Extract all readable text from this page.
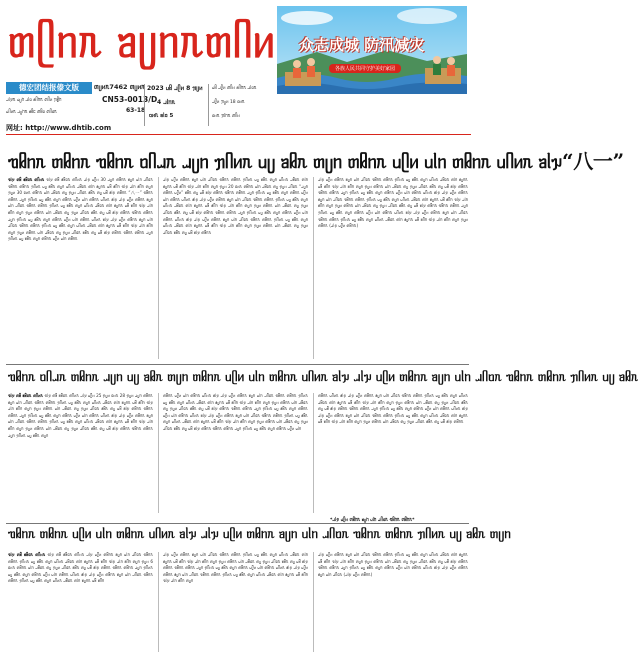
ᥖᥫᥒᥰ ᥑᥩᥒᥰᥖᥥᥢ 众志成城 防汛减灾
各族人民共同守护美好家园
德宏团结报傣文版	ᥖᥩᥢᥰ7462 ᥖᥩᥢᥰ
CN53-0013/D
63-18
ᥘᥣᥭᥰ ᥙᥩᥒ ᥘᥣᥝ ᥑᥥᥒᥰ ᥖᥥᥢ ᥟᥪᥒ
ᥙᥥᥢᥰ ᥘᥩᥒᥰ ᥑᥤᥴ ᥖᥤᥝ ᥖᥥᥝᥰ
网址: http://www.dhtib.com
2023 ᥙᥤ ᥘᥫᥢ 8 ᥟᥩᥢ
4 ᥘᥣᥒᥰ
ᥝᥢᥰ ᥑᥣᥝ 5
ᥙᥤ ᥘᥫᥢ ᥖᥥᥢ ᥑᥥᥒᥰ ᥘᥣᥝᥰ
ᥘᥫᥢ ᥟᥩᥢ 18 ᥝᥢᥰ
ᥝᥢᥰ ᥟᥣᥒᥰ ᥖᥥᥢ
ᥓᥤᥒᥰ ᥖᥤᥒᥰ ᥓᥤᥒᥰ ᥝᥥᥘᥰ ᥘᥩᥒ ᥟᥥᥢᥰ ᥙᥩ ᥑᥤᥰ ᥖᥩᥒ ᥖᥤᥒᥰ ᥙᥫᥢ ᥙᥣᥒ ᥖᥤᥒᥰ ᥙᥥᥢᥰ ᥑᥣᥭ“八一”
ᥓᥣᥭ ᥖᥤ ᥑᥤᥝᥰ ᥖᥥᥢᥰ ᥓᥣᥭ ᥖᥤ ᥑᥤᥝᥰ ᥖᥥᥢᥰ ᥘᥣᥭ ᥙᥫᥢ 30 ᥘᥩᥒ ᥖᥤᥒᥰ ᥑᥩᥒ ᥙᥣᥒ ᥘᥥᥝᥰ ᥓᥤᥒᥰ ᥖᥤᥒᥰ ᥟᥥᥢᥰ ᥙᥩ ᥑᥤᥰ ᥖᥩᥒ ᥙᥥᥢᥰ ᥘᥤᥝᥰ ᥖᥣᥒ ᥑᥩᥒᥰ ᥙᥤ ᥑᥥᥒ ᥓᥣᥭ ᥘᥣᥒ ᥑᥥᥒ ᥖᥩᥒ ᥟᥩᥢ 30 ᥝᥢᥰ ᥖᥤᥒᥰ ᥙᥣᥒ ᥘᥤᥝᥰ ᥖᥩ ᥟᥩᥢ ᥘᥥᥝᥰ ᥑᥤᥰ ᥖᥩ ᥙᥤ ᥑᥣᥭ ᥖᥤᥒᥰ “八一” ᥓᥤᥒᥰ ᥖᥤᥒᥰ ᥘᥩᥒ ᥟᥥᥢᥰ ᥙᥩ ᥑᥤᥰ ᥖᥩᥒ ᥖᥤᥒᥰ ᥙᥫᥢ ᥙᥣᥒ ᥖᥤᥒᥰ ᥙᥥᥢᥰ ᥑᥣᥭ ᥘᥣᥭ ᥙᥫᥢ ᥖᥤᥒᥰ ᥑᥩᥒ ᥙᥣᥒ ᥘᥥᥝᥰ ᥓᥤᥒᥰ ᥖᥤᥒᥰ ᥟᥥᥢᥰ ᥙᥩ ᥑᥤᥰ ᥖᥩᥒ ᥙᥥᥢᥰ ᥘᥤᥝᥰ ᥖᥣᥒ ᥑᥩᥒᥰ ᥙᥤ ᥑᥥᥒ ᥓᥣᥭ ᥘᥣᥒ ᥑᥥᥒ ᥖᥩᥒ ᥟᥩᥢ ᥖᥤᥒᥰ ᥙᥣᥒ ᥘᥤᥝᥰ ᥖᥩ ᥟᥩᥢ ᥘᥥᥝᥰ ᥑᥤᥰ ᥖᥩ ᥙᥤ ᥑᥣᥭ ᥖᥤᥒᥰ ᥓᥤᥒᥰ ᥖᥤᥒᥰ ᥘᥩᥒ ᥟᥥᥢᥰ ᥙᥩ ᥑᥤᥰ ᥖᥩᥒ ᥖᥤᥒᥰ ᥙᥫᥢ ᥙᥣᥒ ᥖᥤᥒᥰ ᥙᥥᥢᥰ ᥑᥣᥭ ᥘᥣᥭ ᥙᥫᥢ ᥖᥤᥒᥰ ᥑᥩᥒ ᥙᥣᥒ ᥘᥥᥝᥰ ᥓᥤᥒᥰ ᥖᥤᥒᥰ ᥟᥥᥢᥰ ᥙᥩ ᥑᥤᥰ ᥖᥩᥒ ᥙᥥᥢᥰ ᥘᥤᥝᥰ ᥖᥣᥒ ᥑᥩᥒᥰ ᥙᥤ ᥑᥥᥒ ᥓᥣᥭ ᥘᥣᥒ ᥑᥥᥒ ᥖᥩᥒ ᥟᥩᥢ ᥖᥤᥒᥰ ᥙᥣᥒ ᥘᥤᥝᥰ ᥖᥩ ᥟᥩᥢ ᥘᥥᥝᥰ ᥑᥤᥰ ᥖᥩ ᥙᥤ ᥑᥣᥭ ᥖᥤᥒᥰ ᥓᥤᥒᥰ ᥖᥤᥒᥰ ᥘᥩᥒ ᥟᥥᥢᥰ ᥙᥩ ᥑᥤᥰ ᥖᥩᥒ ᥖᥤᥒᥰ ᥙᥫᥢ ᥙᥣᥒ ᥖᥤᥒᥰ
ᥘᥣᥭ ᥙᥫᥢ ᥖᥤᥒᥰ ᥑᥩᥒ ᥙᥣᥒ ᥘᥥᥝᥰ ᥓᥤᥒᥰ ᥖᥤᥒᥰ ᥟᥥᥢᥰ ᥙᥩ ᥑᥤᥰ ᥖᥩᥒ ᥙᥥᥢᥰ ᥘᥤᥝᥰ ᥖᥣᥒ ᥑᥩᥒᥰ ᥙᥤ ᥑᥥᥒ ᥓᥣᥭ ᥘᥣᥒ ᥑᥥᥒ ᥖᥩᥒ ᥟᥩᥢ 20 ᥝᥢᥰ ᥖᥤᥒᥰ ᥙᥣᥒ ᥘᥤᥝᥰ ᥖᥩ ᥟᥩᥢ ᥘᥥᥝᥰ “ᥘᥩᥒ ᥖᥤᥒᥰ ᥙᥫᥢ” ᥑᥤᥰ ᥖᥩ ᥙᥤ ᥑᥣᥭ ᥖᥤᥒᥰ ᥓᥤᥒᥰ ᥖᥤᥒᥰ ᥘᥩᥒ ᥟᥥᥢᥰ ᥙᥩ ᥑᥤᥰ ᥖᥩᥒ ᥖᥤᥒᥰ ᥙᥫᥢ ᥙᥣᥒ ᥖᥤᥒᥰ ᥙᥥᥢᥰ ᥑᥣᥭ ᥘᥣᥭ ᥙᥫᥢ ᥖᥤᥒᥰ ᥑᥩᥒ ᥙᥣᥒ ᥘᥥᥝᥰ ᥓᥤᥒᥰ ᥖᥤᥒᥰ ᥟᥥᥢᥰ ᥙᥩ ᥑᥤᥰ ᥖᥩᥒ ᥙᥥᥢᥰ ᥘᥤᥝᥰ ᥖᥣᥒ ᥑᥩᥒᥰ ᥙᥤ ᥑᥥᥒ ᥓᥣᥭ ᥘᥣᥒ ᥑᥥᥒ ᥖᥩᥒ ᥟᥩᥢ ᥖᥤᥒᥰ ᥙᥣᥒ ᥘᥤᥝᥰ ᥖᥩ ᥟᥩᥢ ᥘᥥᥝᥰ ᥑᥤᥰ ᥖᥩ ᥙᥤ ᥑᥣᥭ ᥖᥤᥒᥰ ᥓᥤᥒᥰ ᥖᥤᥒᥰ ᥘᥩᥒ ᥟᥥᥢᥰ ᥙᥩ ᥑᥤᥰ ᥖᥩᥒ ᥖᥤᥒᥰ ᥙᥫᥢ ᥙᥣᥒ ᥖᥤᥒᥰ ᥙᥥᥢᥰ ᥑᥣᥭ ᥘᥣᥭ ᥙᥫᥢ ᥖᥤᥒᥰ ᥑᥩᥒ ᥙᥣᥒ ᥘᥥᥝᥰ ᥓᥤᥒᥰ ᥖᥤᥒᥰ ᥟᥥᥢᥰ ᥙᥩ ᥑᥤᥰ ᥖᥩᥒ ᥙᥥᥢᥰ ᥘᥤᥝᥰ ᥖᥣᥒ ᥑᥩᥒᥰ ᥙᥤ ᥑᥥᥒ ᥓᥣᥭ ᥘᥣᥒ ᥑᥥᥒ ᥖᥩᥒ ᥟᥩᥢ ᥖᥤᥒᥰ ᥙᥣᥒ ᥘᥤᥝᥰ ᥖᥩ ᥟᥩᥢ ᥘᥥᥝᥰ ᥑᥤᥰ ᥖᥩ ᥙᥤ ᥑᥣᥭ ᥖᥤᥒᥰ
ᥘᥣᥭ ᥙᥫᥢ ᥖᥤᥒᥰ ᥑᥩᥒ ᥙᥣᥒ ᥘᥥᥝᥰ ᥓᥤᥒᥰ ᥖᥤᥒᥰ ᥟᥥᥢᥰ ᥙᥩ ᥑᥤᥰ ᥖᥩᥒ ᥙᥥᥢᥰ ᥘᥤᥝᥰ ᥖᥣᥒ ᥑᥩᥒᥰ ᥙᥤ ᥑᥥᥒ ᥓᥣᥭ ᥘᥣᥒ ᥑᥥᥒ ᥖᥩᥒ ᥟᥩᥢ ᥖᥤᥒᥰ ᥙᥣᥒ ᥘᥤᥝᥰ ᥖᥩ ᥟᥩᥢ ᥘᥥᥝᥰ ᥑᥤᥰ ᥖᥩ ᥙᥤ ᥑᥣᥭ ᥖᥤᥒᥰ ᥓᥤᥒᥰ ᥖᥤᥒᥰ ᥘᥩᥒ ᥟᥥᥢᥰ ᥙᥩ ᥑᥤᥰ ᥖᥩᥒ ᥖᥤᥒᥰ ᥙᥫᥢ ᥙᥣᥒ ᥖᥤᥒᥰ ᥙᥥᥢᥰ ᥑᥣᥭ ᥘᥣᥭ ᥙᥫᥢ ᥖᥤᥒᥰ ᥑᥩᥒ ᥙᥣᥒ ᥘᥥᥝᥰ ᥓᥤᥒᥰ ᥖᥤᥒᥰ ᥟᥥᥢᥰ ᥙᥩ ᥑᥤᥰ ᥖᥩᥒ ᥙᥥᥢᥰ ᥘᥤᥝᥰ ᥖᥣᥒ ᥑᥩᥒᥰ ᥙᥤ ᥑᥥᥒ ᥓᥣᥭ ᥘᥣᥒ ᥑᥥᥒ ᥖᥩᥒ ᥟᥩᥢ ᥖᥤᥒᥰ ᥙᥣᥒ ᥘᥤᥝᥰ ᥖᥩ ᥟᥩᥢ ᥘᥥᥝᥰ ᥑᥤᥰ ᥖᥩ ᥙᥤ ᥑᥣᥭ ᥖᥤᥒᥰ ᥓᥤᥒᥰ ᥖᥤᥒᥰ ᥘᥩᥒ ᥟᥥᥢᥰ ᥙᥩ ᥑᥤᥰ ᥖᥩᥒ ᥖᥤᥒᥰ ᥙᥫᥢ ᥙᥣᥒ ᥖᥤᥒᥰ ᥙᥥᥢᥰ ᥑᥣᥭ ᥘᥣᥭ ᥙᥫᥢ ᥖᥤᥒᥰ ᥑᥩᥒ ᥙᥣᥒ ᥘᥥᥝᥰ ᥓᥤᥒᥰ ᥖᥤᥒᥰ ᥟᥥᥢᥰ ᥙᥩ ᥑᥤᥰ ᥖᥩᥒ ᥙᥥᥢᥰ ᥘᥤᥝᥰ ᥖᥣᥒ ᥑᥩᥒᥰ ᥙᥤ ᥑᥥᥒ ᥓᥣᥭ ᥘᥣᥒ ᥑᥥᥒ ᥖᥩᥒ ᥟᥩᥢ ᥖᥤᥒᥰ (ᥘᥣᥭ ᥙᥫᥢ ᥖᥤᥒᥰ)
ᥓᥤᥒᥰ ᥝᥥᥘᥰ ᥖᥤᥒᥰ ᥘᥩᥒ ᥙᥩ ᥑᥤᥰ ᥖᥩᥒ ᥖᥤᥒᥰ ᥙᥫᥢ ᥙᥣᥒ ᥖᥤᥒᥰ ᥙᥥᥢᥰ ᥑᥣᥭ ᥘᥣᥭ ᥙᥫᥢ ᥖᥤᥒᥰ ᥑᥩᥒ ᥙᥣᥒ ᥘᥥᥝᥰ ᥓᥤᥒᥰ ᥖᥤᥒᥰ ᥟᥥᥢᥰ ᥙᥩ ᥑᥤᥰ
ᥓᥣᥭ ᥖᥤ ᥑᥤᥝᥰ ᥖᥥᥢᥰ ᥓᥣᥭ ᥖᥤ ᥑᥤᥝᥰ ᥖᥥᥢᥰ ᥘᥣᥭ ᥙᥫᥢ 25 ᥟᥩᥢ ᥝᥢᥰ 28 ᥟᥩᥢ ᥘᥩᥒ ᥖᥤᥒᥰ ᥑᥩᥒ ᥙᥣᥒ ᥘᥥᥝᥰ ᥓᥤᥒᥰ ᥖᥤᥒᥰ ᥟᥥᥢᥰ ᥙᥩ ᥑᥤᥰ ᥖᥩᥒ ᥙᥥᥢᥰ ᥘᥤᥝᥰ ᥖᥣᥒ ᥑᥩᥒᥰ ᥙᥤ ᥑᥥᥒ ᥓᥣᥭ ᥘᥣᥒ ᥑᥥᥒ ᥖᥩᥒ ᥟᥩᥢ ᥖᥤᥒᥰ ᥙᥣᥒ ᥘᥤᥝᥰ ᥖᥩ ᥟᥩᥢ ᥘᥥᥝᥰ ᥑᥤᥰ ᥖᥩ ᥙᥤ ᥑᥣᥭ ᥖᥤᥒᥰ ᥓᥤᥒᥰ ᥖᥤᥒᥰ ᥘᥩᥒ ᥟᥥᥢᥰ ᥙᥩ ᥑᥤᥰ ᥖᥩᥒ ᥖᥤᥒᥰ ᥙᥫᥢ ᥙᥣᥒ ᥖᥤᥒᥰ ᥙᥥᥢᥰ ᥑᥣᥭ ᥘᥣᥭ ᥙᥫᥢ ᥖᥤᥒᥰ ᥑᥩᥒ ᥙᥣᥒ ᥘᥥᥝᥰ ᥓᥤᥒᥰ ᥖᥤᥒᥰ ᥟᥥᥢᥰ ᥙᥩ ᥑᥤᥰ ᥖᥩᥒ ᥙᥥᥢᥰ ᥘᥤᥝᥰ ᥖᥣᥒ ᥑᥩᥒᥰ ᥙᥤ ᥑᥥᥒ ᥓᥣᥭ ᥘᥣᥒ ᥑᥥᥒ ᥖᥩᥒ ᥟᥩᥢ ᥖᥤᥒᥰ ᥙᥣᥒ ᥘᥤᥝᥰ ᥖᥩ ᥟᥩᥢ ᥘᥥᥝᥰ ᥑᥤᥰ ᥖᥩ ᥙᥤ ᥑᥣᥭ ᥖᥤᥒᥰ ᥓᥤᥒᥰ ᥖᥤᥒᥰ ᥘᥩᥒ ᥟᥥᥢᥰ ᥙᥩ ᥑᥤᥰ ᥖᥩᥒ
ᥖᥤᥒᥰ ᥙᥫᥢ ᥙᥣᥒ ᥖᥤᥒᥰ ᥙᥥᥢᥰ ᥑᥣᥭ ᥘᥣᥭ ᥙᥫᥢ ᥖᥤᥒᥰ ᥑᥩᥒ ᥙᥣᥒ ᥘᥥᥝᥰ ᥓᥤᥒᥰ ᥖᥤᥒᥰ ᥟᥥᥢᥰ ᥙᥩ ᥑᥤᥰ ᥖᥩᥒ ᥙᥥᥢᥰ ᥘᥤᥝᥰ ᥖᥣᥒ ᥑᥩᥒᥰ ᥙᥤ ᥑᥥᥒ ᥓᥣᥭ ᥘᥣᥒ ᥑᥥᥒ ᥖᥩᥒ ᥟᥩᥢ ᥖᥤᥒᥰ ᥙᥣᥒ ᥘᥤᥝᥰ ᥖᥩ ᥟᥩᥢ ᥘᥥᥝᥰ ᥑᥤᥰ ᥖᥩ ᥙᥤ ᥑᥣᥭ ᥖᥤᥒᥰ ᥓᥤᥒᥰ ᥖᥤᥒᥰ ᥘᥩᥒ ᥟᥥᥢᥰ ᥙᥩ ᥑᥤᥰ ᥖᥩᥒ ᥖᥤᥒᥰ ᥙᥫᥢ ᥙᥣᥒ ᥖᥤᥒᥰ ᥙᥥᥢᥰ ᥑᥣᥭ ᥘᥣᥭ ᥙᥫᥢ ᥖᥤᥒᥰ ᥑᥩᥒ ᥙᥣᥒ ᥘᥥᥝᥰ ᥓᥤᥒᥰ ᥖᥤᥒᥰ ᥟᥥᥢᥰ ᥙᥩ ᥑᥤᥰ ᥖᥩᥒ ᥙᥥᥢᥰ ᥘᥤᥝᥰ ᥖᥣᥒ ᥑᥩᥒᥰ ᥙᥤ ᥑᥥᥒ ᥓᥣᥭ ᥘᥣᥒ ᥑᥥᥒ ᥖᥩᥒ ᥟᥩᥢ ᥖᥤᥒᥰ ᥙᥣᥒ ᥘᥤᥝᥰ ᥖᥩ ᥟᥩᥢ ᥘᥥᥝᥰ ᥑᥤᥰ ᥖᥩ ᥙᥤ ᥑᥣᥭ ᥖᥤᥒᥰ ᥓᥤᥒᥰ ᥖᥤᥒᥰ ᥘᥩᥒ ᥟᥥᥢᥰ ᥙᥩ ᥑᥤᥰ ᥖᥩᥒ ᥖᥤᥒᥰ ᥙᥫᥢ ᥙᥣᥒ
ᥖᥤᥒᥰ ᥙᥥᥢᥰ ᥑᥣᥭ ᥘᥣᥭ ᥙᥫᥢ ᥖᥤᥒᥰ ᥑᥩᥒ ᥙᥣᥒ ᥘᥥᥝᥰ ᥓᥤᥒᥰ ᥖᥤᥒᥰ ᥟᥥᥢᥰ ᥙᥩ ᥑᥤᥰ ᥖᥩᥒ ᥙᥥᥢᥰ ᥘᥤᥝᥰ ᥖᥣᥒ ᥑᥩᥒᥰ ᥙᥤ ᥑᥥᥒ ᥓᥣᥭ ᥘᥣᥒ ᥑᥥᥒ ᥖᥩᥒ ᥟᥩᥢ ᥖᥤᥒᥰ ᥙᥣᥒ ᥘᥤᥝᥰ ᥖᥩ ᥟᥩᥢ ᥘᥥᥝᥰ ᥑᥤᥰ ᥖᥩ ᥙᥤ ᥑᥣᥭ ᥖᥤᥒᥰ ᥓᥤᥒᥰ ᥖᥤᥒᥰ ᥘᥩᥒ ᥟᥥᥢᥰ ᥙᥩ ᥑᥤᥰ ᥖᥩᥒ ᥖᥤᥒᥰ ᥙᥫᥢ ᥙᥣᥒ ᥖᥤᥒᥰ ᥙᥥᥢᥰ ᥑᥣᥭ ᥘᥣᥭ ᥙᥫᥢ ᥖᥤᥒᥰ ᥑᥩᥒ ᥙᥣᥒ ᥘᥥᥝᥰ ᥓᥤᥒᥰ ᥖᥤᥒᥰ ᥟᥥᥢᥰ ᥙᥩ ᥑᥤᥰ ᥖᥩᥒ ᥙᥥᥢᥰ ᥘᥤᥝᥰ ᥖᥣᥒ ᥑᥩᥒᥰ ᥙᥤ ᥑᥥᥒ ᥓᥣᥭ ᥘᥣᥒ ᥑᥥᥒ ᥖᥩᥒ ᥟᥩᥢ ᥖᥤᥒᥰ ᥙᥣᥒ ᥘᥤᥝᥰ ᥖᥩ ᥟᥩᥢ ᥘᥥᥝᥰ ᥑᥤᥰ ᥖᥩ ᥙᥤ ᥑᥣᥭ ᥖᥤᥒᥰ
*ᥘᥣᥭ ᥙᥫᥢ ᥖᥤᥒᥰ ᥑᥩᥒ ᥙᥣᥒ ᥘᥥᥝᥰ ᥓᥤᥒᥰ ᥖᥤᥒᥰ*
ᥓᥤᥒᥰ ᥖᥤᥒᥰ ᥙᥫᥢ ᥙᥣᥒ ᥖᥤᥒᥰ ᥙᥥᥢᥰ ᥑᥣᥭ ᥘᥣᥭ ᥙᥫᥢ ᥖᥤᥒᥰ ᥑᥩᥒ ᥙᥣᥒ ᥘᥥᥝᥰ ᥓᥤᥒᥰ ᥖᥤᥒᥰ ᥟᥥᥢᥰ ᥙᥩ ᥑᥤᥰ ᥖᥩᥒ
ᥓᥣᥭ ᥖᥤ ᥑᥤᥝᥰ ᥖᥥᥢᥰ ᥓᥣᥭ ᥖᥤ ᥑᥤᥝᥰ ᥖᥥᥢᥰ ᥘᥣᥭ ᥙᥫᥢ ᥖᥤᥒᥰ ᥑᥩᥒ ᥙᥣᥒ ᥘᥥᥝᥰ ᥓᥤᥒᥰ ᥖᥤᥒᥰ ᥟᥥᥢᥰ ᥙᥩ ᥑᥤᥰ ᥖᥩᥒ ᥙᥥᥢᥰ ᥘᥤᥝᥰ ᥖᥣᥒ ᥑᥩᥒᥰ ᥙᥤ ᥑᥥᥒ ᥓᥣᥭ ᥘᥣᥒ ᥑᥥᥒ ᥖᥩᥒ ᥟᥩᥢ 6 ᥝᥢᥰ ᥖᥤᥒᥰ ᥙᥣᥒ ᥘᥤᥝᥰ ᥖᥩ ᥟᥩᥢ ᥘᥥᥝᥰ ᥑᥤᥰ ᥖᥩ ᥙᥤ ᥑᥣᥭ ᥖᥤᥒᥰ ᥓᥤᥒᥰ ᥖᥤᥒᥰ ᥘᥩᥒ ᥟᥥᥢᥰ ᥙᥩ ᥑᥤᥰ ᥖᥩᥒ ᥖᥤᥒᥰ ᥙᥫᥢ ᥙᥣᥒ ᥖᥤᥒᥰ ᥙᥥᥢᥰ ᥑᥣᥭ ᥘᥣᥭ ᥙᥫᥢ ᥖᥤᥒᥰ ᥑᥩᥒ ᥙᥣᥒ ᥘᥥᥝᥰ ᥓᥤᥒᥰ ᥖᥤᥒᥰ ᥟᥥᥢᥰ ᥙᥩ ᥑᥤᥰ ᥖᥩᥒ ᥙᥥᥢᥰ ᥘᥤᥝᥰ ᥖᥣᥒ ᥑᥩᥒᥰ ᥙᥤ ᥑᥥᥒ
ᥘᥣᥭ ᥙᥫᥢ ᥖᥤᥒᥰ ᥑᥩᥒ ᥙᥣᥒ ᥘᥥᥝᥰ ᥓᥤᥒᥰ ᥖᥤᥒᥰ ᥟᥥᥢᥰ ᥙᥩ ᥑᥤᥰ ᥖᥩᥒ ᥙᥥᥢᥰ ᥘᥤᥝᥰ ᥖᥣᥒ ᥑᥩᥒᥰ ᥙᥤ ᥑᥥᥒ ᥓᥣᥭ ᥘᥣᥒ ᥑᥥᥒ ᥖᥩᥒ ᥟᥩᥢ ᥖᥤᥒᥰ ᥙᥣᥒ ᥘᥤᥝᥰ ᥖᥩ ᥟᥩᥢ ᥘᥥᥝᥰ ᥑᥤᥰ ᥖᥩ ᥙᥤ ᥑᥣᥭ ᥖᥤᥒᥰ ᥓᥤᥒᥰ ᥖᥤᥒᥰ ᥘᥩᥒ ᥟᥥᥢᥰ ᥙᥩ ᥑᥤᥰ ᥖᥩᥒ ᥖᥤᥒᥰ ᥙᥫᥢ ᥙᥣᥒ ᥖᥤᥒᥰ ᥙᥥᥢᥰ ᥑᥣᥭ ᥘᥣᥭ ᥙᥫᥢ ᥖᥤᥒᥰ ᥑᥩᥒ ᥙᥣᥒ ᥘᥥᥝᥰ ᥓᥤᥒᥰ ᥖᥤᥒᥰ ᥟᥥᥢᥰ ᥙᥩ ᥑᥤᥰ ᥖᥩᥒ ᥙᥥᥢᥰ ᥘᥤᥝᥰ ᥖᥣᥒ ᥑᥩᥒᥰ ᥙᥤ ᥑᥥᥒ ᥓᥣᥭ ᥘᥣᥒ ᥑᥥᥒ ᥖᥩᥒ
ᥘᥣᥭ ᥙᥫᥢ ᥖᥤᥒᥰ ᥑᥩᥒ ᥙᥣᥒ ᥘᥥᥝᥰ ᥓᥤᥒᥰ ᥖᥤᥒᥰ ᥟᥥᥢᥰ ᥙᥩ ᥑᥤᥰ ᥖᥩᥒ ᥙᥥᥢᥰ ᥘᥤᥝᥰ ᥖᥣᥒ ᥑᥩᥒᥰ ᥙᥤ ᥑᥥᥒ ᥓᥣᥭ ᥘᥣᥒ ᥑᥥᥒ ᥖᥩᥒ ᥟᥩᥢ ᥖᥤᥒᥰ ᥙᥣᥒ ᥘᥤᥝᥰ ᥖᥩ ᥟᥩᥢ ᥘᥥᥝᥰ ᥑᥤᥰ ᥖᥩ ᥙᥤ ᥑᥣᥭ ᥖᥤᥒᥰ ᥓᥤᥒᥰ ᥖᥤᥒᥰ ᥘᥩᥒ ᥟᥥᥢᥰ ᥙᥩ ᥑᥤᥰ ᥖᥩᥒ ᥖᥤᥒᥰ ᥙᥫᥢ ᥙᥣᥒ ᥖᥤᥒᥰ ᥙᥥᥢᥰ ᥑᥣᥭ ᥘᥣᥭ ᥙᥫᥢ ᥖᥤᥒᥰ ᥑᥩᥒ ᥙᥣᥒ ᥘᥥᥝᥰ (ᥘᥣᥭ ᥙᥫᥢ ᥖᥤᥒᥰ)
